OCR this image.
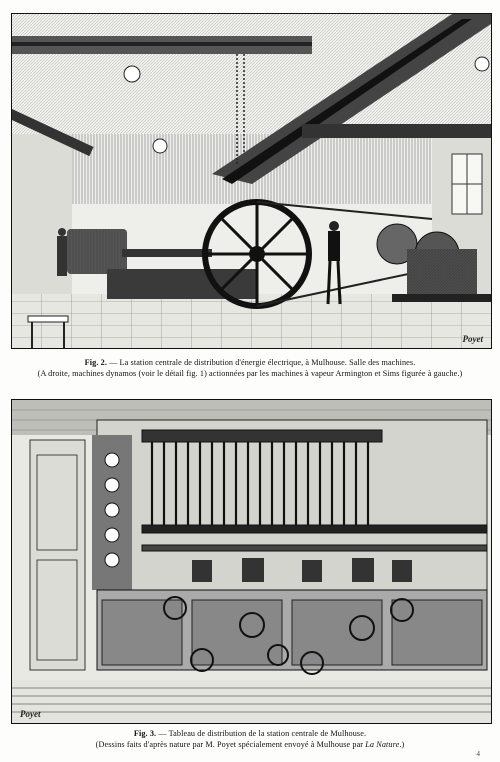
Poyet
Fig. 2. — La station centrale de distribution d'énergie électrique, à Mulhouse. Salle des machines.
(A droite, machines dynamos (voir le détail fig. 1) actionnées par les machines à vapeur Armington et Sims figurée à gauche.)
Poyet
Fig. 3. — Tableau de distribution de la station centrale de Mulhouse.
(Dessins faits d'après nature par M. Poyet spécialement envoyé à Mulhouse par La Nature.)
4
